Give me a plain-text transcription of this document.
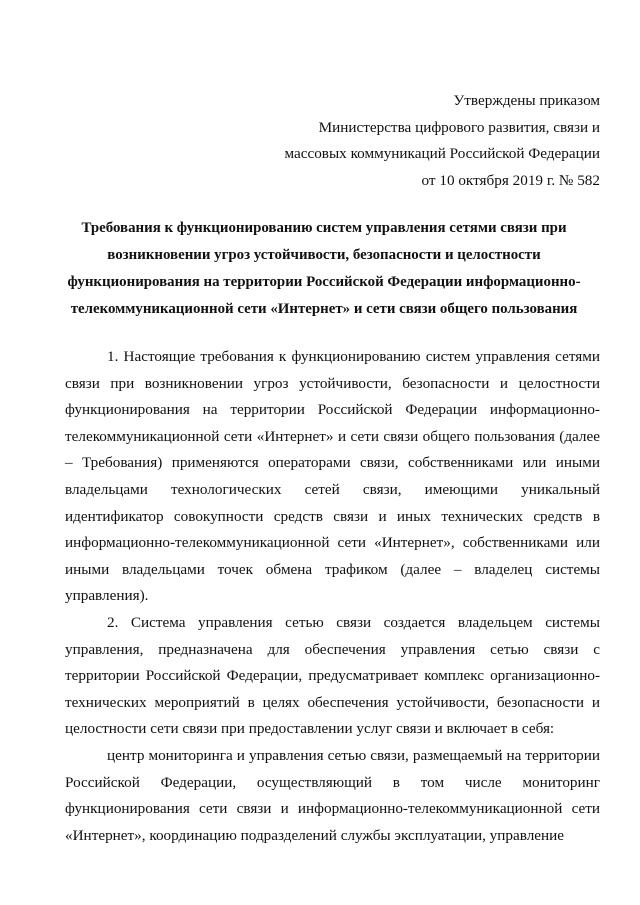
Утверждены приказом
Министерства цифрового развития, связи и
массовых коммуникаций Российской Федерации
от 10 октября 2019 г. № 582
Требования к функционированию систем управления сетями связи при
возникновении угроз устойчивости, безопасности и целостности
функционирования на территории Российской Федерации информационно-
телекоммуникационной сети «Интернет» и сети связи общего пользования

1. Настоящие требования к функционированию систем управления сетями связи при возникновении угроз устойчивости, безопасности и целостности функционирования на территории Российской Федерации информационно-телекоммуникационной сети «Интернет» и сети связи общего пользования (далее – Требования) применяются операторами связи, собственниками или иными владельцами технологических сетей связи, имеющими уникальный идентификатор совокупности средств связи и иных технических средств в информационно-телекоммуникационной сети «Интернет», собственниками или иными владельцами точек обмена трафиком (далее – владелец системы управления).

2. Система управления сетью связи создается владельцем системы управления, предназначена для обеспечения управления сетью связи с территории Российской Федерации, предусматривает комплекс организационно-технических мероприятий в целях обеспечения устойчивости, безопасности и целостности сети связи при предоставлении услуг связи и включает в себя:

центр мониторинга и управления сетью связи, размещаемый на территории Российской Федерации, осуществляющий в том числе мониторинг функционирования сети связи и информационно-телекоммуникационной сети «Интернет», координацию подразделений службы эксплуатации, управление
